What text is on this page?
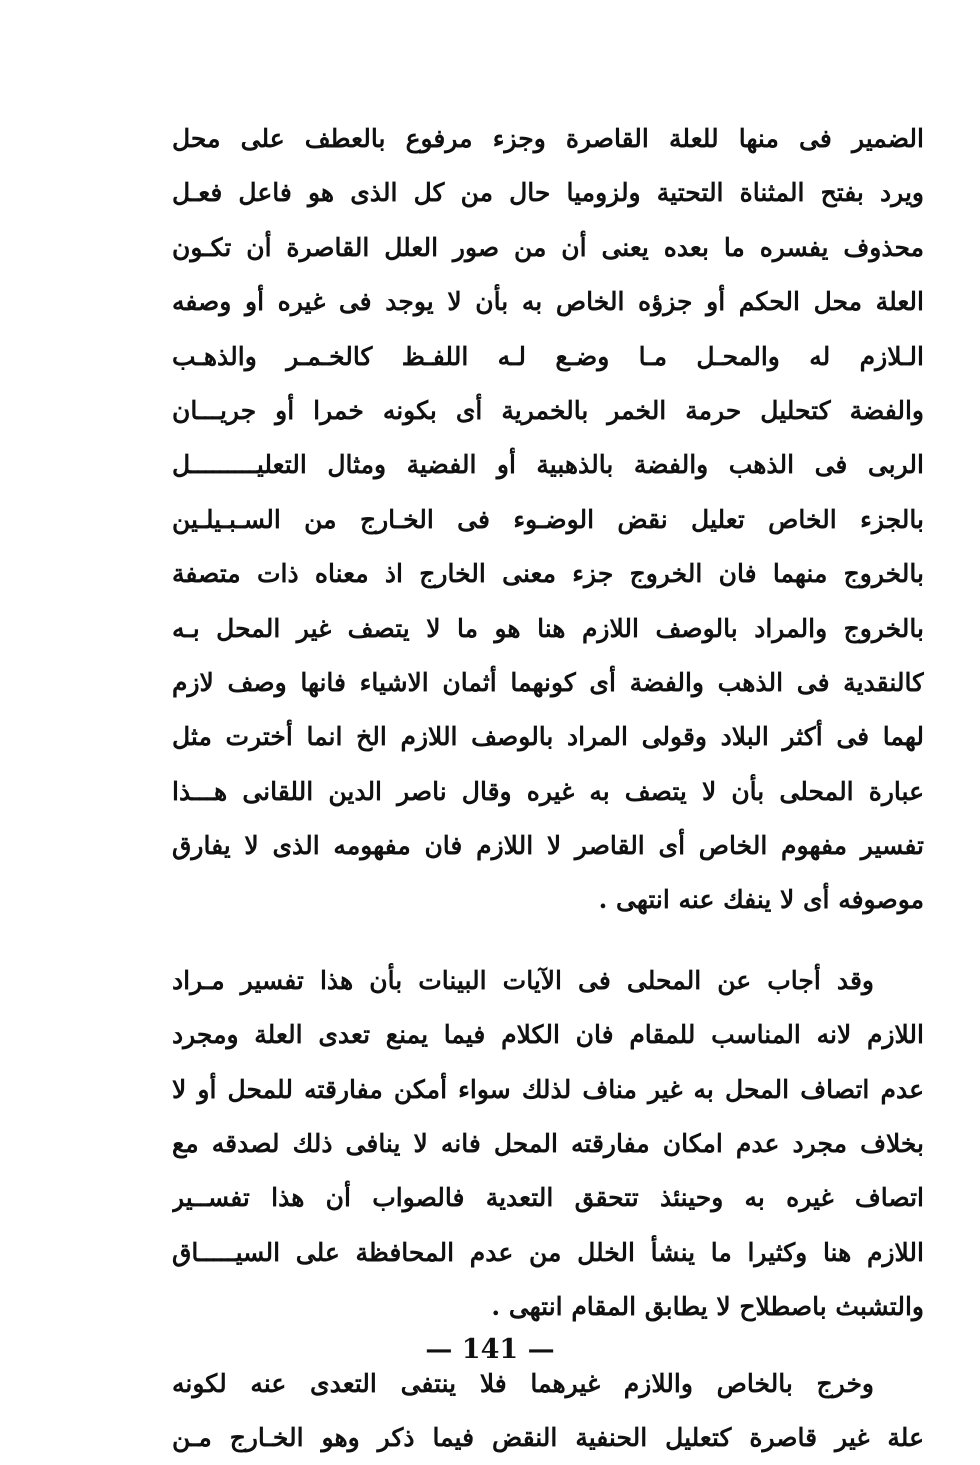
الضمير فى منها للعلة القاصرة وجزء مرفوع بالعطف على محل
ويرد بفتح المثناة التحتية ولزوميا حال من كل الذى هو فاعل فعـل
محذوف يفسره ما بعده يعنى أن من صور العلل القاصرة أن تكـون
العلة محل الحكم أو جزؤه الخاص به بأن لا يوجد فى غيره أو وصفه
الـلازم له والمحـل مـا وضـع لـه اللفـظ كالخـمـر والذهـب
والفضة كتحليل حرمة الخمر بالخمرية أى بكونه خمرا أو جريـــان
الربى فى الذهب والفضة بالذهبية أو الفضية ومثال التعليـــــــــل
بالجزء الخاص تعليل نقض الوضـوء فى الخـارج من السـبـيلـين
بالخروج منهما فان الخروج جزء معنى الخارج اذ معناه ذات متصفة
بالخروج والمراد بالوصف اللازم هنا هو ما لا يتصف غير المحل بـه
كالنقدية فى الذهب والفضة أى كونهما أثمان الاشياء فانها وصف لازم
لهما فى أكثر البلاد وقولى المراد بالوصف اللازم الخ انما أخترت مثل
عبارة المحلى بأن لا يتصف به غيره وقال ناصر الدين اللقانى هـــذا
تفسير مفهوم الخاص أى القاصر لا اللازم فان مفهومه الذى لا يفارق
موصوفه أى لا ينفك عنه انتهى .
وقد أجاب عن المحلى فى الآيات البينات بأن هذا تفسير مـراد
اللازم لانه المناسب للمقام فان الكلام فيما يمنع تعدى العلة ومجرد
عدم اتصاف المحل به غير مناف لذلك سواء أمكن مفارقته للمحل أو لا
بخلاف مجرد عدم امكان مفارقته المحل فانه لا ينافى ذلك لصدقه مع
اتصاف غيره به وحينئذ تتحقق التعدية فالصواب أن هذا تفســير
اللازم هنا وكثيرا ما ينشأ الخلل من عدم المحافظة على السيـــــاق
والتشبث باصطلاح لا يطابق المقام انتهى .
وخرج بالخاص واللازم غيرهما فلا ينتفى التعدى عنه لكونه
علة غير قاصرة كتعليل الحنفية النقض فيما ذكر وهو الخـارج مـن
— 141 —
